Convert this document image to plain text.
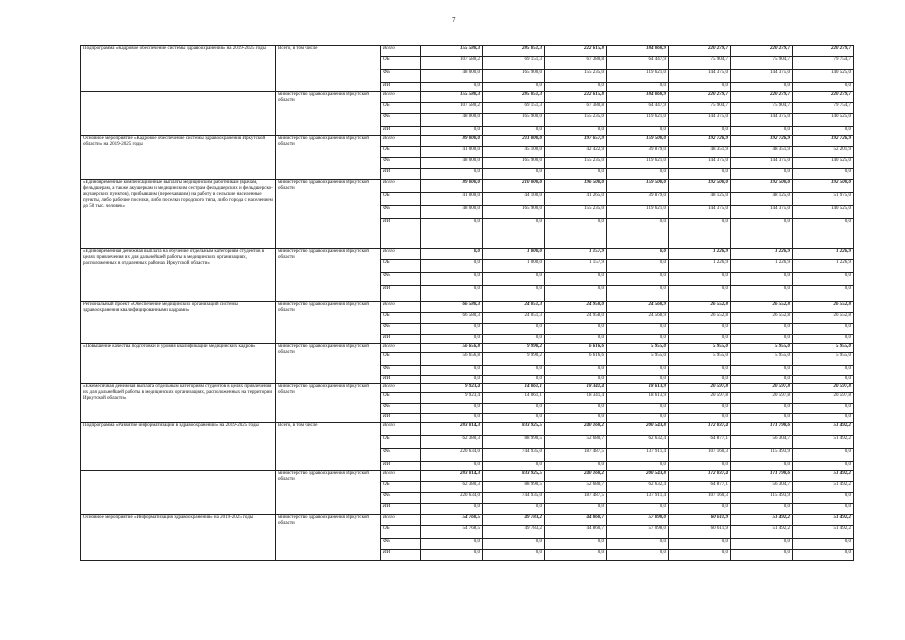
7
Подпрограмма «Кадровое обеспечение системы здравоохранения» на 2019-2025 годы	Всего, в том числе	Всего	155 580,3	285 051,3	222 615,8	184 068,9	220 279,7	220 279,7	220 279,7
		ОБ	107 580,2	69 151,3	67 380,8	64 447,9	75 904,7	75 904,7	79 754,7
		ФБ	48 000,0	165 900,0	155 235,0	119 621,0	144 375,0	144 375,0	140 525,0
		ИИ	0,0	0,0	0,0	0,0	0,0	0,0	0,0
	министерство здравоохранения Иркутской области	Всего	155 580,3	285 051,3	222 615,8	184 068,9	220 279,7	220 279,7	220 279,7
		ОБ	107 580,2	69 151,3	67 380,8	64 447,9	75 904,7	75 904,7	79 754,7
		ФБ	48 000,0	165 900,0	155 235,0	119 621,0	144 375,0	144 375,0	140 525,0
		ИИ	0,0	0,0	0,0	0,0	0,0	0,0	0,0
Основное мероприятие «Кадровое обеспечение системы здравоохранения Иркутской области» на 2019-2025 годы	министерство здравоохранения Иркутской области	Всего	89 000,0	211 000,0	197 657,9	159 500,0	192 726,9	192 726,9	192 726,9
		ОБ	41 000,0	45 100,0	42 422,9	39 879,0	48 351,9	48 351,9	52 201,9
		ФБ	48 000,0	165 900,0	155 235,0	119 621,0	144 375,0	144 375,0	140 525,0
		ИИ	0,0	0,0	0,0	0,0	0,0	0,0	0,0
«Единовременные компенсационные выплаты медицинским работникам (врачам, фельдшерам, а также акушеркам и медицинским сестрам фельдшерских и фельдшерско-акушерских пунктов), прибывшим (переехавшим) на работу в сельские населенные пункты, либо рабочие поселки, либо поселки городского типа, либо города с населением до 50 тыс. человек»	министерство здравоохранения Иркутской области	Всего	89 000,0	210 000,0	196 500,0	159 500,0	192 500,0	192 500,0	192 500,0
		ОБ	41 000,0	44 100,0	41 265,0	39 879,0	48 125,0	48 125,0	51 975,0
		ФБ	48 000,0	165 900,0	155 235,0	119 621,0	144 375,0	144 375,0	140 525,0
		ИИ	0,0	0,0	0,0	0,0	0,0	0,0	0,0
«Единовременная денежная выплата на обучение отдельным категориям студентов в целях привлечения их для дальнейшей работы в медицинских организациях, расположенных в отдаленных районах Иркутской области»	министерство здравоохранения Иркутской области	Всего	0,0	1 000,0	1 157,9	0,0	1 226,9	1 226,9	1 226,9
		ОБ	0,0	1 000,0	1 157,9	0,0	1 226,9	1 226,9	1 226,9
		ФБ	0,0	0,0	0,0	0,0	0,0	0,0	0,0
		ИИ	0,0	0,0	0,0	0,0	0,0	0,0	0,0
Региональный проект «Обеспечение медицинских организаций системы здравоохранения квалифицированными кадрами»	министерство здравоохранения Иркутской области	Всего	66 580,3	24 051,3	24 958,0	24 568,9	26 552,8	26 552,8	26 552,8
		ОБ	66 580,3	24 051,3	24 958,0	24 568,9	26 552,8	26 552,8	26 552,8
		ФБ	0,0	0,0	0,0	0,0	0,0	0,0	0,0
		ИИ	0,0	0,0	0,0	0,0	0,0	0,0	0,0
«Повышение качества подготовки и уровня квалификации медицинских кадров»	министерство здравоохранения Иркутской области	Всего	56 656,8	9 990,2	6 616,6	5 955,0	5 955,0	5 955,0	5 955,0
		ОБ	56 656,8	9 990,2	6 616,6	5 955,0	5 955,0	5 955,0	5 955,0
		ФБ	0,0	0,0	0,0	0,0	0,0	0,0	0,0
		ИИ	0,0	0,0	0,0	0,0	0,0	0,0	0,0
«Ежемесячная денежная выплата отдельным категориям студентов в целях привлечения их для дальнейшей работы в медицинских организациях, расположенных на территории Иркутской области»	министерство здравоохранения Иркутской области	Всего	9 923,4	14 061,1	18 341,4	18 613,9	20 597,8	20 597,8	20 597,8
		ОБ	9 923,4	14 061,1	18 341,4	18 613,9	20 597,8	20 597,8	20 597,8
		ФБ	0,0	0,0	0,0	0,0	0,0	0,0	0,0
		ИИ	0,0	0,0	0,0	0,0	0,0	0,0	0,0
Подпрограмма «Развитие информатизации в здравоохранении» на 2019-2025 годы	Всего, в том числе	Всего	283 014,3	833 925,5	240 168,2	200 543,8	172 037,4	171 798,6	51 492,2
		ОБ	62 380,3	88 990,5	52 680,7	62 632,4	64 877,1	56 304,7	51 492,2
		ФБ	220 634,0	744 935,0	187 487,5	137 911,4	107 160,3	115 493,9	0,0
		ИИ	0,0	0,0	0,0	0,0	0,0	0,0	0,0
	министерство здравоохранения Иркутской области	Всего	283 014,3	833 925,5	240 168,2	200 543,8	172 037,4	171 798,6	51 492,2
		ОБ	62 380,3	88 990,5	52 680,7	62 632,4	64 877,1	56 304,7	51 492,2
		ФБ	220 634,0	744 935,0	187 487,5	137 911,4	107 160,3	115 493,9	0,0
		ИИ	0,0	0,0	0,0	0,0	0,0	0,0	0,0
Основное мероприятие «Информатизация здравоохранения» на 2019-2025 годы	министерство здравоохранения Иркутской области	Всего	54 768,5	49 783,2	44 860,7	57 098,0	60 611,9	51 492,2	51 492,2
		ОБ	54 768,5	49 783,2	44 860,7	57 098,0	60 611,9	51 492,2	51 492,2
		ФБ	0,0	0,0	0,0	0,0	0,0	0,0	0,0
		ИИ	0,0	0,0	0,0	0,0	0,0	0,0	0,0
